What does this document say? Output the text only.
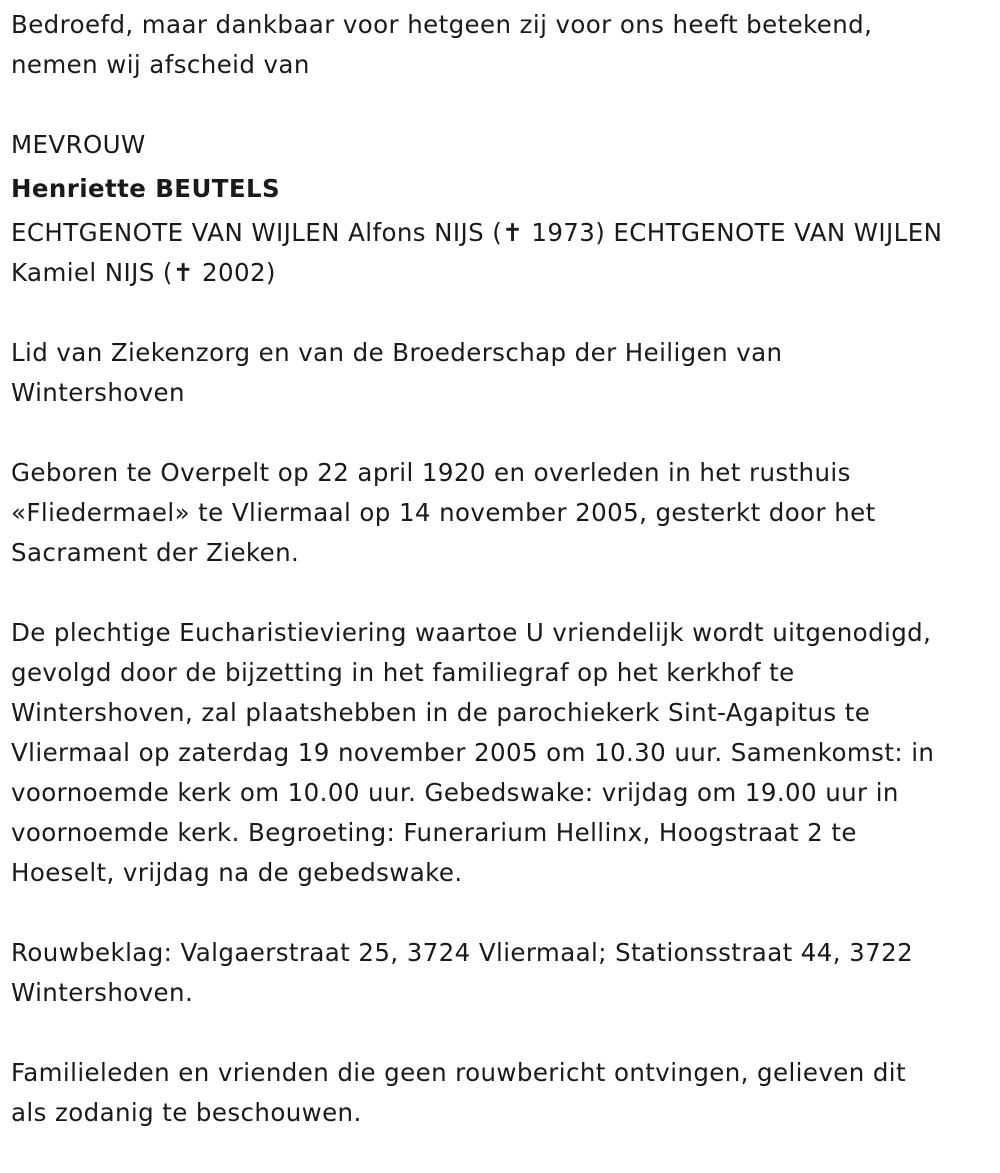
Bedroefd, maar dankbaar voor hetgeen zij voor ons heeft betekend,
nemen wij afscheid van
MEVROUW
Henriette BEUTELS
ECHTGENOTE VAN WIJLEN Alfons NIJS (✝ 1973) ECHTGENOTE VAN WIJLEN
Kamiel NIJS (✝ 2002)
Lid van Ziekenzorg en van de Broederschap der Heiligen van
Wintershoven
Geboren te Overpelt op 22 april 1920 en overleden in het rusthuis
«Fliedermael» te Vliermaal op 14 november 2005, gesterkt door het
Sacrament der Zieken.
De plechtige Eucharistieviering waartoe U vriendelijk wordt uitgenodigd,
gevolgd door de bijzetting in het familiegraf op het kerkhof te
Wintershoven, zal plaatshebben in de parochiekerk Sint-Agapitus te
Vliermaal op zaterdag 19 november 2005 om 10.30 uur. Samenkomst: in
voornoemde kerk om 10.00 uur. Gebedswake: vrijdag om 19.00 uur in
voornoemde kerk. Begroeting: Funerarium Hellinx, Hoogstraat 2 te
Hoeselt, vrijdag na de gebedswake.
Rouwbeklag: Valgaerstraat 25, 3724 Vliermaal; Stationsstraat 44, 3722
Wintershoven.
Familieleden en vrienden die geen rouwbericht ontvingen, gelieven dit
als zodanig te beschouwen.
